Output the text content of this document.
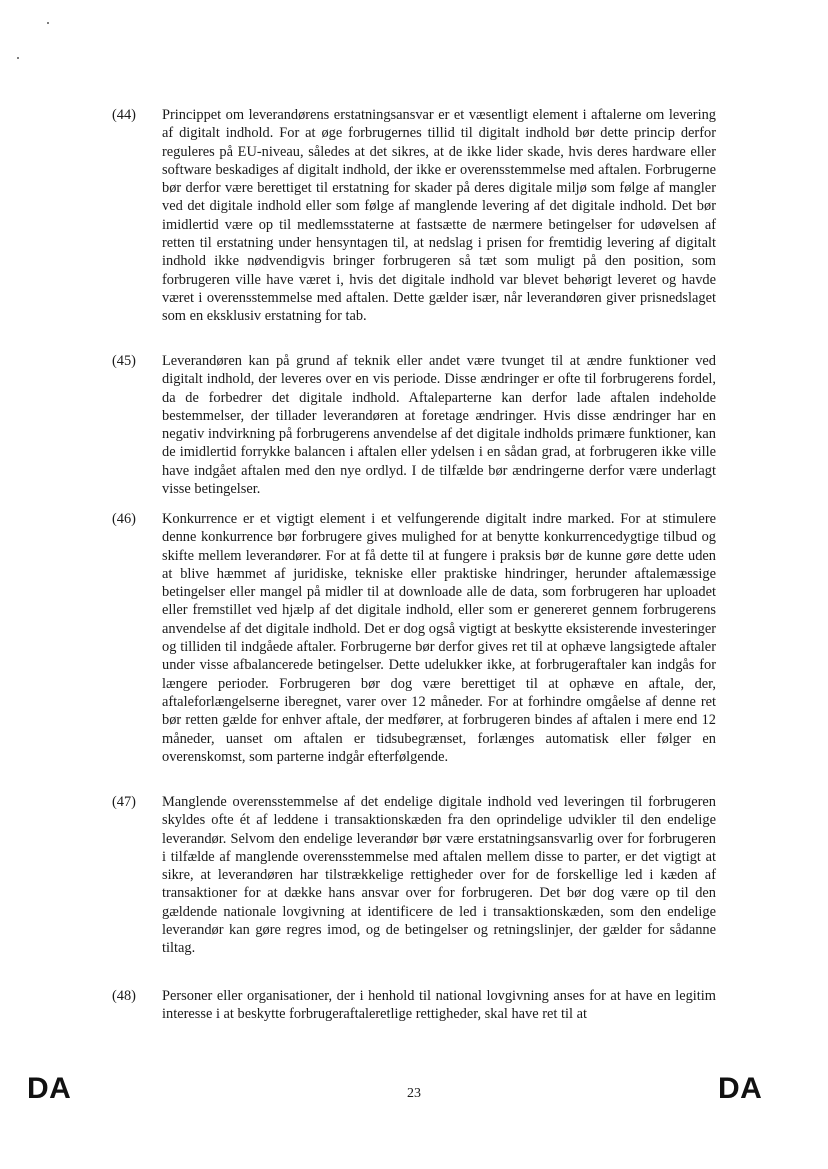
(44)	Princippet om leverandørens erstatningsansvar er et væsentligt element i aftalerne om levering af digitalt indhold. For at øge forbrugernes tillid til digitalt indhold bør dette princip derfor reguleres på EU-niveau, således at det sikres, at de ikke lider skade, hvis deres hardware eller software beskadiges af digitalt indhold, der ikke er overensstemmelse med aftalen. Forbrugerne bør derfor være berettiget til erstatning for skader på deres digitale miljø som følge af mangler ved det digitale indhold eller som følge af manglende levering af det digitale indhold. Det bør imidlertid være op til medlemsstaterne at fastsætte de nærmere betingelser for udøvelsen af retten til erstatning under hensyntagen til, at nedslag i prisen for fremtidig levering af digitalt indhold ikke nødvendigvis bringer forbrugeren så tæt som muligt på den position, som forbrugeren ville have været i, hvis det digitale indhold var blevet behørigt leveret og havde været i overensstemmelse med aftalen. Dette gælder især, når leverandøren giver prisnedslaget som en eksklusiv erstatning for tab.
(45)	Leverandøren kan på grund af teknik eller andet være tvunget til at ændre funktioner ved digitalt indhold, der leveres over en vis periode. Disse ændringer er ofte til forbrugerens fordel, da de forbedrer det digitale indhold. Aftaleparterne kan derfor lade aftalen indeholde bestemmelser, der tillader leverandøren at foretage ændringer. Hvis disse ændringer har en negativ indvirkning på forbrugerens anvendelse af det digitale indholds primære funktioner, kan de imidlertid forrykke balancen i aftalen eller ydelsen i en sådan grad, at forbrugeren ikke ville have indgået aftalen med den nye ordlyd. I de tilfælde bør ændringerne derfor være underlagt visse betingelser.
(46)	Konkurrence er et vigtigt element i et velfungerende digitalt indre marked. For at stimulere denne konkurrence bør forbrugere gives mulighed for at benytte konkurrencedygtige tilbud og skifte mellem leverandører. For at få dette til at fungere i praksis bør de kunne gøre dette uden at blive hæmmet af juridiske, tekniske eller praktiske hindringer, herunder aftalemæssige betingelser eller mangel på midler til at downloade alle de data, som forbrugeren har uploadet eller fremstillet ved hjælp af det digitale indhold, eller som er genereret gennem forbrugerens anvendelse af det digitale indhold. Det er dog også vigtigt at beskytte eksisterende investeringer og tilliden til indgåede aftaler. Forbrugerne bør derfor gives ret til at ophæve langsigtede aftaler under visse afbalancerede betingelser. Dette udelukker ikke, at forbrugeraftaler kan indgås for længere perioder. Forbrugeren bør dog være berettiget til at ophæve en aftale, der, aftaleforlængelserne iberegnet, varer over 12 måneder. For at forhindre omgåelse af denne ret bør retten gælde for enhver aftale, der medfører, at forbrugeren bindes af aftalen i mere end 12 måneder, uanset om aftalen er tidsubegrænset, forlænges automatisk eller følger en overenskomst, som parterne indgår efterfølgende.
(47)	Manglende overensstemmelse af det endelige digitale indhold ved leveringen til forbrugeren skyldes ofte ét af leddene i transaktionskæden fra den oprindelige udvikler til den endelige leverandør. Selvom den endelige leverandør bør være erstatningsansvarlig over for forbrugeren i tilfælde af manglende overensstemmelse med aftalen mellem disse to parter, er det vigtigt at sikre, at leverandøren har tilstrækkelige rettigheder over for de forskellige led i kæden af transaktioner for at dække hans ansvar over for forbrugeren. Det bør dog være op til den gældende nationale lovgivning at identificere de led i transaktionskæden, som den endelige leverandør kan gøre regres imod, og de betingelser og retningslinjer, der gælder for sådanne tiltag.
(48)	Personer eller organisationer, der i henhold til national lovgivning anses for at have en legitim interesse i at beskytte forbrugeraftaleretlige rettigheder, skal have ret til at
DA	23	DA
